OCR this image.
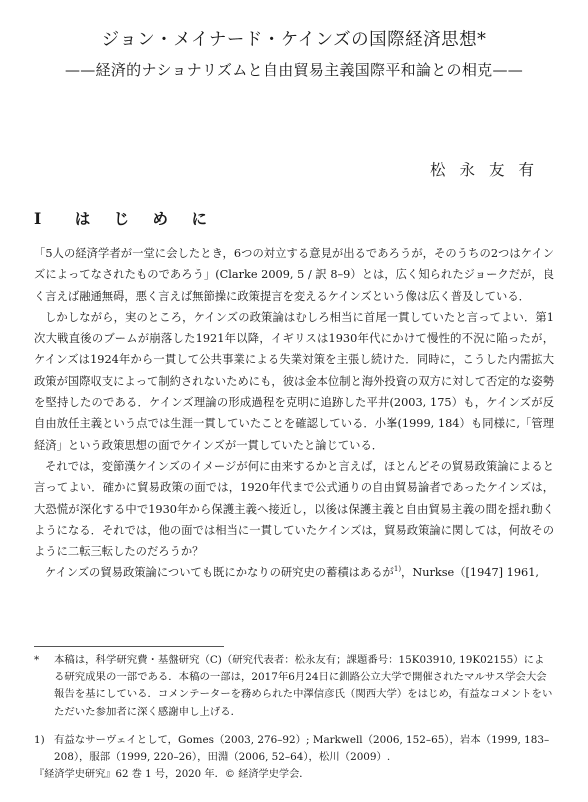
ジョン・メイナード・ケインズの国際経済思想*
——経済的ナショナリズムと自由貿易主義国際平和論との相克——
松永友有
I　は じ め に

「5人の経済学者が一堂に会したとき，6つの対立する意見が出るであろうが，そのうちの2つはケインズによってなされたものであろう」(Clarke 2009, 5 / 訳 8–9）とは，広く知られたジョークだが，良く言えば融通無碍，悪く言えば無節操に政策提言を変えるケインズという像は広く普及している．

しかしながら，実のところ，ケインズの政策論はむしろ相当に首尾一貫していたと言ってよい．第1次大戦直後のブームが崩落した1921年以降，イギリスは1930年代にかけて慢性的不況に陥ったが，ケインズは1924年から一貫して公共事業による失業対策を主張し続けた．同時に，こうした内需拡大政策が国際収支によって制約されないためにも，彼は金本位制と海外投資の双方に対して否定的な姿勢を堅持したのである．ケインズ理論の形成過程を克明に追跡した平井(2003, 175）も，ケインズが反自由放任主義という点では生涯一貫していたことを確認している．小峯(1999, 184）も同様に,「管理経済」という政策思想の面でケインズが一貫していたと論じている．

それでは，変節漢ケインズのイメージが何に由来するかと言えば，ほとんどその貿易政策論によると言ってよい．確かに貿易政策の面では，1920年代まで公式通りの自由貿易論者であったケインズは，大恐慌が深化する中で1930年から保護主義へ接近し，以後は保護主義と自由貿易主義の間を揺れ動くようになる．それでは，他の面では相当に一貫していたケインズは，貿易政策論に関しては，何故そのように二転三転したのだろうか？

ケインズの貿易政策論についても既にかなりの研究史の蓄積はあるが$^{1)}$，Nurkse（[1947] 1961,

*	本稿は，科学研究費・基盤研究（C)（研究代表者：松永友有；課題番号：15K03910, 19K02155）による研究成果の一部である．本稿の一部は，2017年6月24日に釧路公立大学で開催されたマルサス学会大会報告を基にしている．コメンテーターを務められた中澤信彦氏（関西大学）をはじめ，有益なコメントをいただいた参加者に深く感謝申し上げる．
1) 有益なサーヴェイとして，Gomes（2003, 276–92）; Markwell（2006, 152–65），岩本（1999, 183–208），服部（1999, 220–26），田淵（2006, 52–64），松川（2009）.
『経済学史研究』62 巻 1 号，2020 年．© 経済学史学会．
